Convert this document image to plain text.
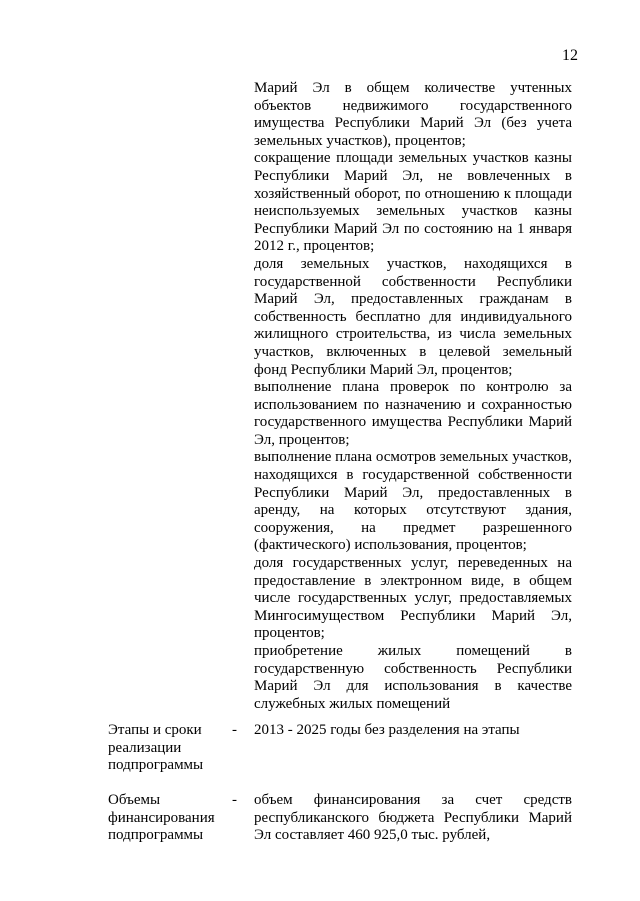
12

Марий Эл в общем количестве учтенных объектов недвижимого государственного имущества Республики Марий Эл (без учета земельных участков), процентов;

сокращение площади земельных участков казны Республики Марий Эл, не вовлеченных в хозяйственный оборот, по отношению к площади неиспользуемых земельных участков казны Республики Марий Эл по состоянию на 1 января 2012 г., процентов;

доля земельных участков, находящихся в государственной собственности Республики Марий Эл, предоставленных гражданам в собственность бесплатно для индивидуального жилищного строительства, из числа земельных участков, включенных в целевой земельный фонд Республики Марий Эл, процентов;

выполнение плана проверок по контролю за использованием по назначению и сохранностью государственного имущества Республики Марий Эл, процентов;

выполнение плана осмотров земельных участков, находящихся в государственной собственности Республики Марий Эл, предоставленных в аренду, на которых отсутствуют здания, сооружения, на предмет разрешенного (фактического) использования, процентов;

доля государственных услуг, переведенных на предоставление в электронном виде, в общем числе государственных услуг, предоставляемых Мингосимуществом Республики Марий Эл, процентов;

приобретение жилых помещений в государственную собственность Республики Марий Эл для использования в качестве служебных жилых помещений

Этапы и сроки реализации подпрограммы
-	2013 - 2025 годы без разделения на этапы
Объемы финансирования подпрограммы
-	объем финансирования за счет средств республиканского бюджета Республики Марий Эл составляет 460 925,0 тыс. рублей,
